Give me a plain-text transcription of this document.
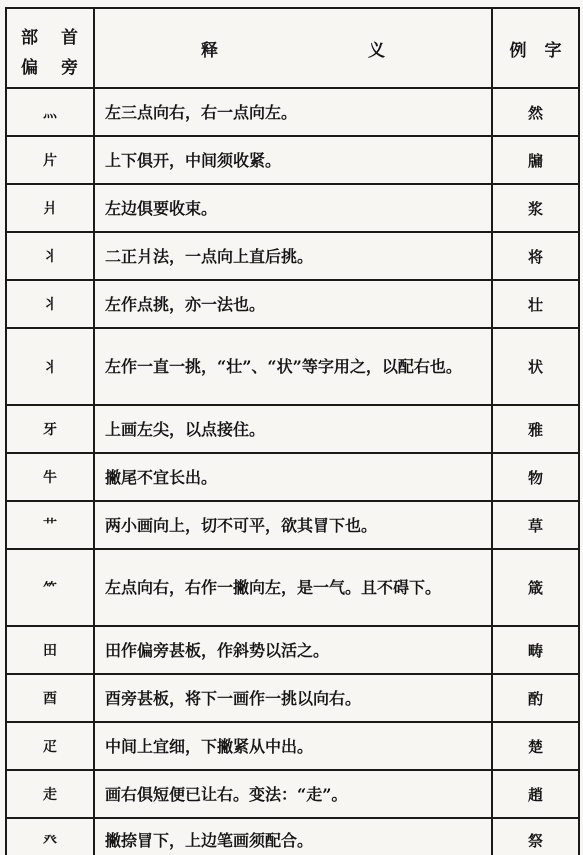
部 首
偏 旁	释 义	例 字
灬	左三点向右，右一点向左。	然
片	上下俱开，中间须收紧。	牖
爿	左边俱要收束。	浆
丬	二正爿法，一点向上直后挑。	将
丬	左作点挑，亦一法也。	壮
丬	左作一直一挑，“壮”、“状”等字用之，以配右也。	状
牙	上画左尖，以点接住。	雅
牛	撇尾不宜长出。	物
艹	两小画向上，切不可平，欲其冒下也。	草
⺮	左点向右，右作一撇向左，是一气。且不碍下。	箴
田	田作偏旁甚板，作斜势以活之。	畴
酉	酉旁甚板，将下一画作一挑以向右。	酌
疋	中间上宜细，下撇紧从中出。	楚
走	画右俱短便已让右。变法：“走”。	趙
癶	撇捺冒下，上边笔画须配合。	祭
